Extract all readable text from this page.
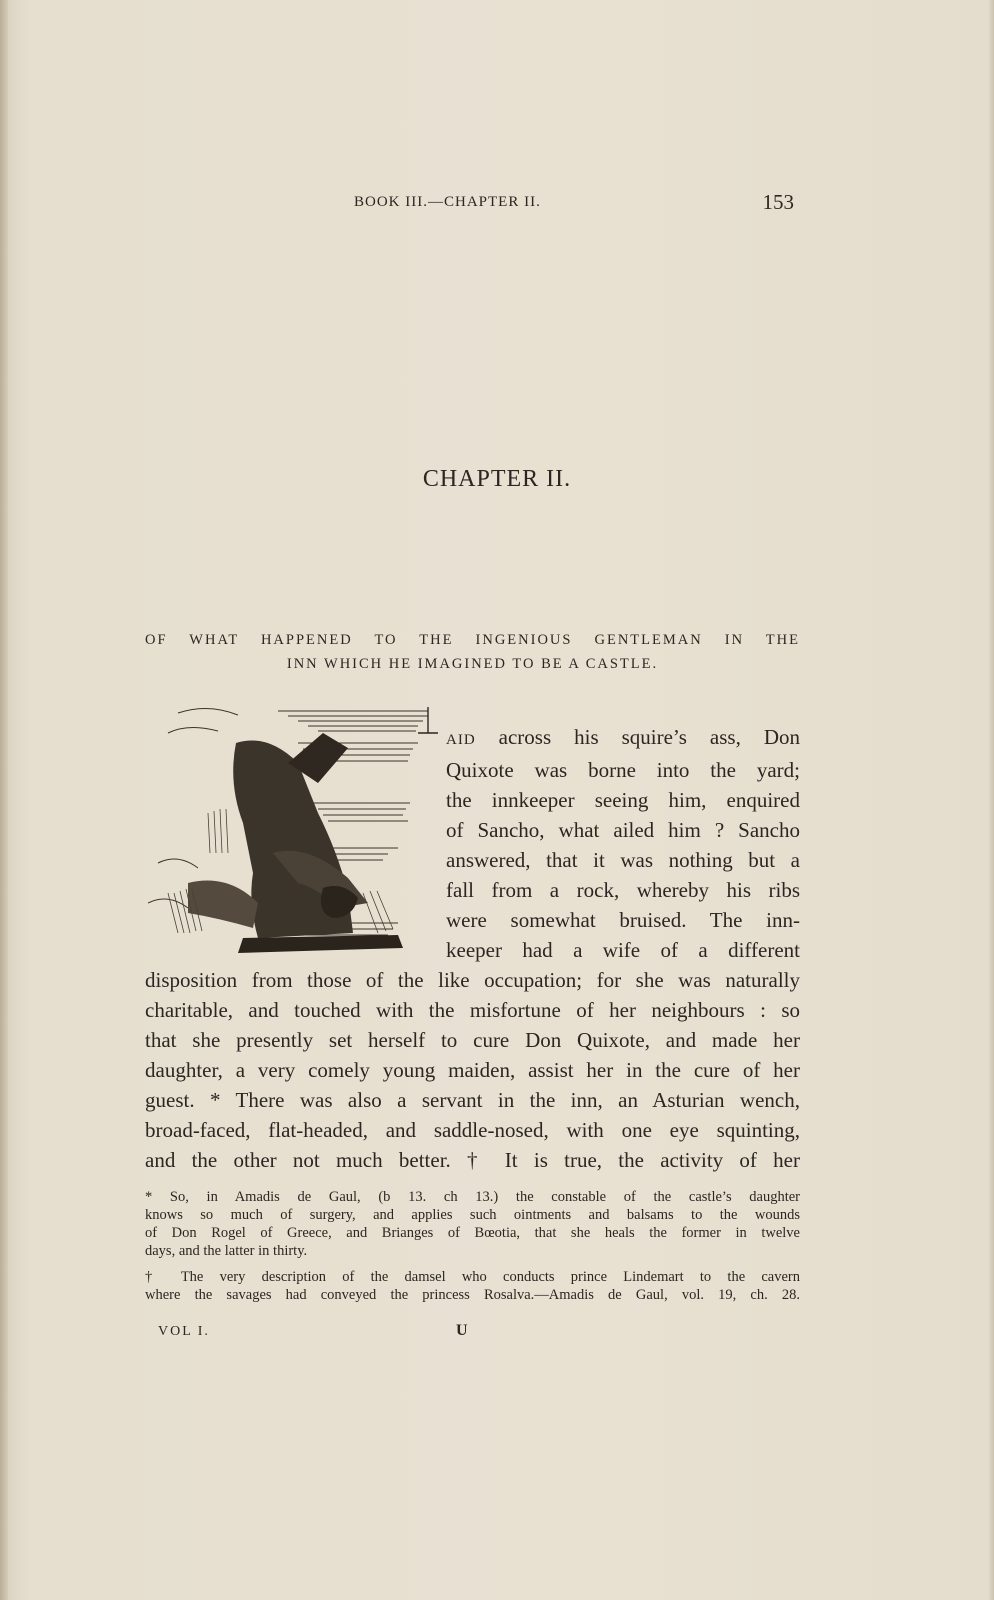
BOOK III.—CHAPTER II.	153
CHAPTER II.
OF WHAT HAPPENED TO THE INGENIOUS GENTLEMAN IN THE
INN WHICH HE IMAGINED TO BE A CASTLE.
AID across his squire’s ass, Don
Quixote was borne into the yard;
the innkeeper seeing him, enquired
of Sancho, what ailed him ? Sancho
answered, that it was nothing but a
fall from a rock, whereby his ribs
were somewhat bruised. The inn-
keeper had a wife of a different
disposition from those of the like occupation; for she was naturally
charitable, and touched with the misfortune of her neighbours : so
that she presently set herself to cure Don Quixote, and made her
daughter, a very comely young maiden, assist her in the cure of her
guest. * There was also a servant in the inn, an Asturian wench,
broad-faced, flat-headed, and saddle-nosed, with one eye squinting,
and the other not much better. † It is true, the activity of her
* So, in Amadis de Gaul, (b 13. ch 13.) the constable of the castle’s daughter
knows so much of surgery, and applies such ointments and balsams to the wounds
of Don Rogel of Greece, and Brianges of Bœotia, that she heals the former in twelve
days, and the latter in thirty.
† The very description of the damsel who conducts prince Lindemart to the cavern
where the savages had conveyed the princess Rosalva.—Amadis de Gaul, vol. 19, ch. 28.
VOL I.	U
